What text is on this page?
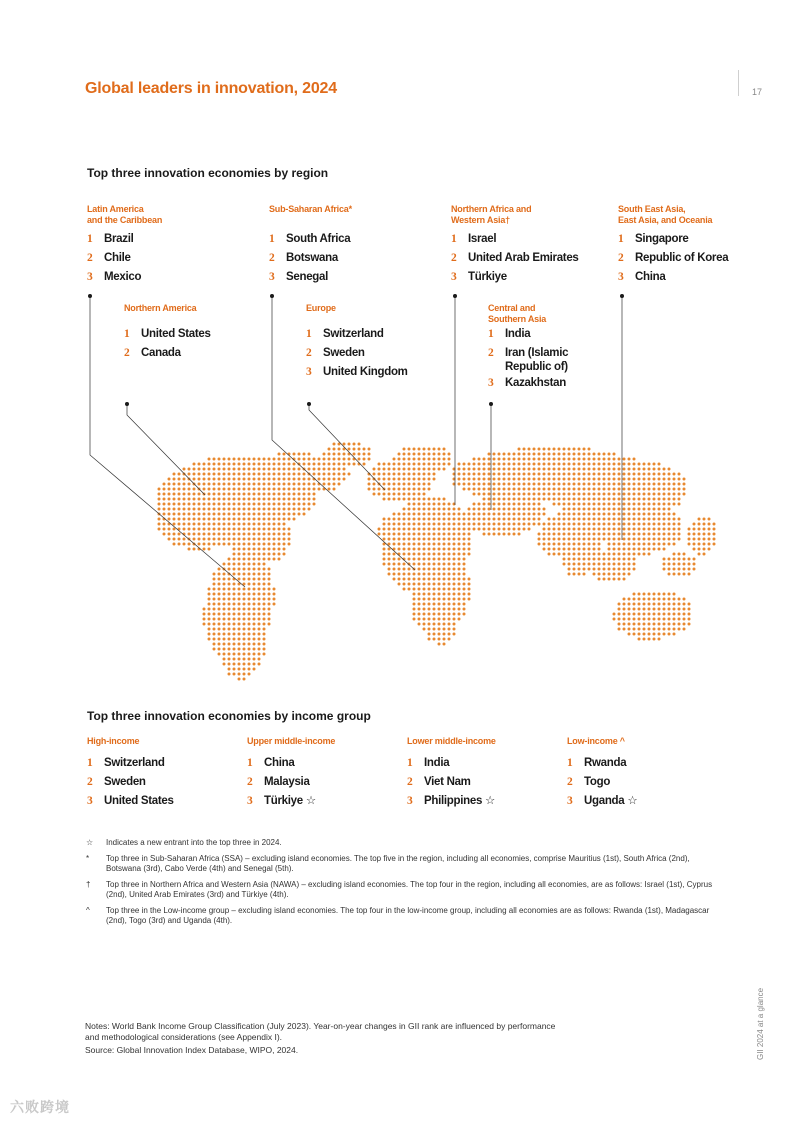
Global leaders in innovation, 2024	17
Top three innovation economies by region
Latin America
and the Caribbean
1	Brazil
2	Chile
3	Mexico
Sub-Saharan Africa*
1	South Africa
2	Botswana
3	Senegal
Northern Africa and
Western Asia†
1	Israel
2	United Arab Emirates
3	Türkiye
South East Asia,
East Asia, and Oceania
1	Singapore
2	Republic of Korea
3	China
Northern America
1	United States
2	Canada
Europe
1	Switzerland
2	Sweden
3	United Kingdom
Central and
Southern Asia
1	India
2	Iran (Islamic
Republic of)
3	Kazakhstan
Top three innovation economies by income group
High-income
1	Switzerland
2	Sweden
3	United States
Upper middle-income
1	China
2	Malaysia
3	Türkiye ☆
Lower middle-income
1	India
2	Viet Nam
3	Philippines ☆
Low-income ^
1	Rwanda
2	Togo
3	Uganda ☆
☆	Indicates a new entrant into the top three in 2024.
*	Top three in Sub-Saharan Africa (SSA) – excluding island economies. The top five in the region, including all economies, comprise Mauritius (1st), South Africa (2nd), Botswana (3rd), Cabo Verde (4th) and Senegal (5th).
†	Top three in Northern Africa and Western Asia (NAWA) – excluding island economies. The top four in the region, including all economies, are as follows: Israel (1st), Cyprus (2nd), United Arab Emirates (3rd) and Türkiye (4th).
^	Top three in the Low-income group – excluding island economies. The top four in the low-income group, including all economies are as follows: Rwanda (1st), Madagascar (2nd), Togo (3rd) and Uganda (4th).
Notes: World Bank Income Group Classification (July 2023). Year-on-year changes in GII rank are influenced by performance and methodological considerations (see Appendix I).
Source: Global Innovation Index Database, WIPO, 2024.	GII 2024 at a glance
六败跨境
